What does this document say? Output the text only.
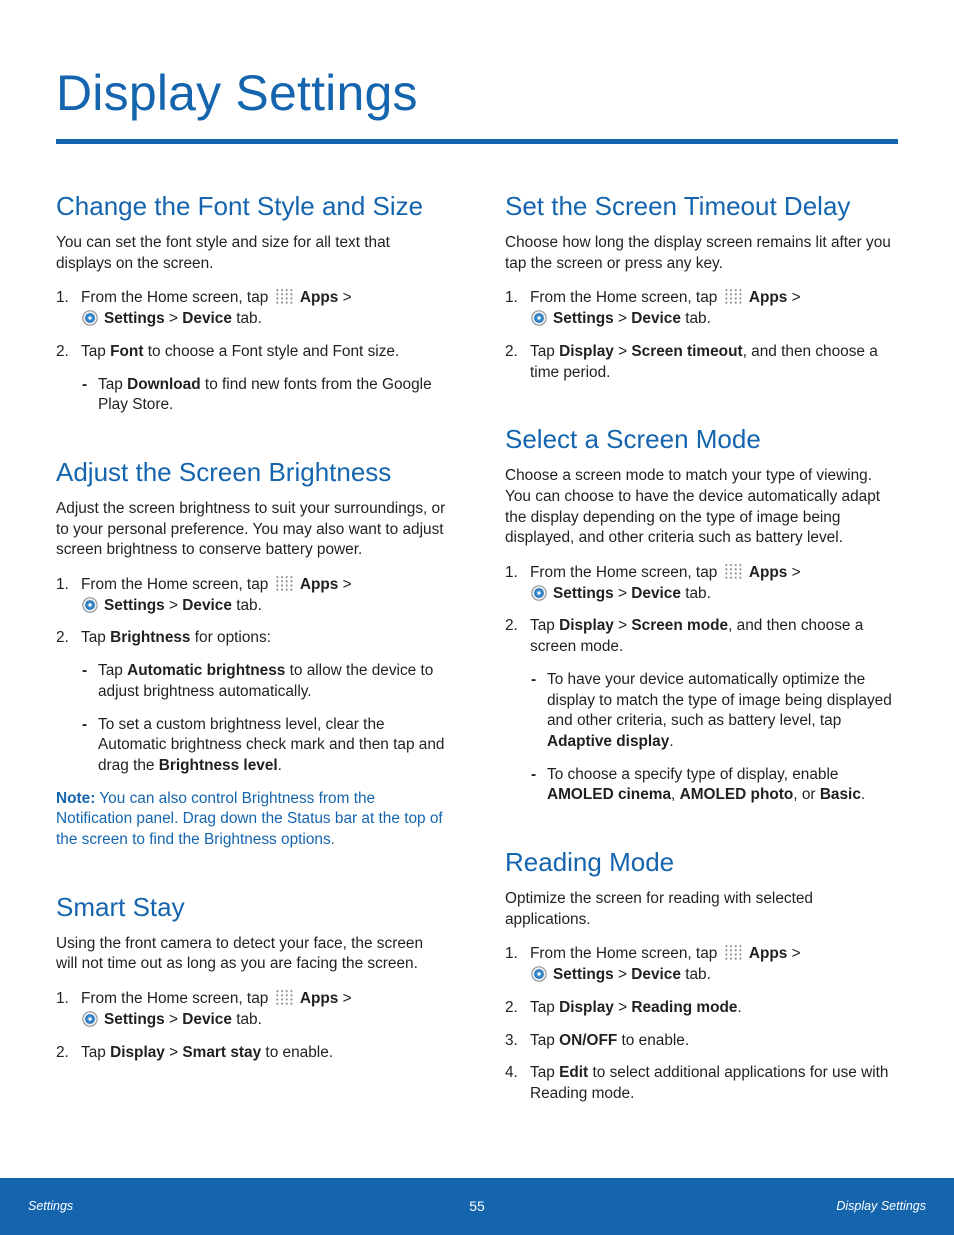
Display Settings
Change the Font Style and Size

You can set the font style and size for all text that displays on the screen.

1. From the Home screen, tap Apps >
Settings > Device tab.
2. Tap Font to choose a Font style and Font size.
- Tap Download to find new fonts from the Google Play Store.
Adjust the Screen Brightness

Adjust the screen brightness to suit your surroundings, or to your personal preference. You may also want to adjust screen brightness to conserve battery power.

1. From the Home screen, tap Apps >
Settings > Device tab.
2. Tap Brightness for options:
- Tap Automatic brightness to allow the device to adjust brightness automatically.
- To set a custom brightness level, clear the Automatic brightness check mark and then tap and drag the Brightness level.

Note: You can also control Brightness from the Notification panel. Drag down the Status bar at the top of the screen to find the Brightness options.

Smart Stay

Using the front camera to detect your face, the screen will not time out as long as you are facing the screen.

1. From the Home screen, tap Apps >
Settings > Device tab.
2. Tap Display > Smart stay to enable.
Set the Screen Timeout Delay

Choose how long the display screen remains lit after you tap the screen or press any key.

1. From the Home screen, tap Apps >
Settings > Device tab.
2. Tap Display > Screen timeout, and then choose a time period.
Select a Screen Mode

Choose a screen mode to match your type of viewing. You can choose to have the device automatically adapt the display depending on the type of image being displayed, and other criteria such as battery level.

1. From the Home screen, tap Apps >
Settings > Device tab.
2. Tap Display > Screen mode, and then choose a screen mode.
- To have your device automatically optimize the display to match the type of image being displayed and other criteria, such as battery level, tap Adaptive display.
- To choose a specify type of display, enable AMOLED cinema, AMOLED photo, or Basic.
Reading Mode

Optimize the screen for reading with selected applications.

1. From the Home screen, tap Apps >
Settings > Device tab.
2. Tap Display > Reading mode.
3. Tap ON/OFF to enable.
4. Tap Edit to select additional applications for use with Reading mode.
Settings	55	Display Settings
